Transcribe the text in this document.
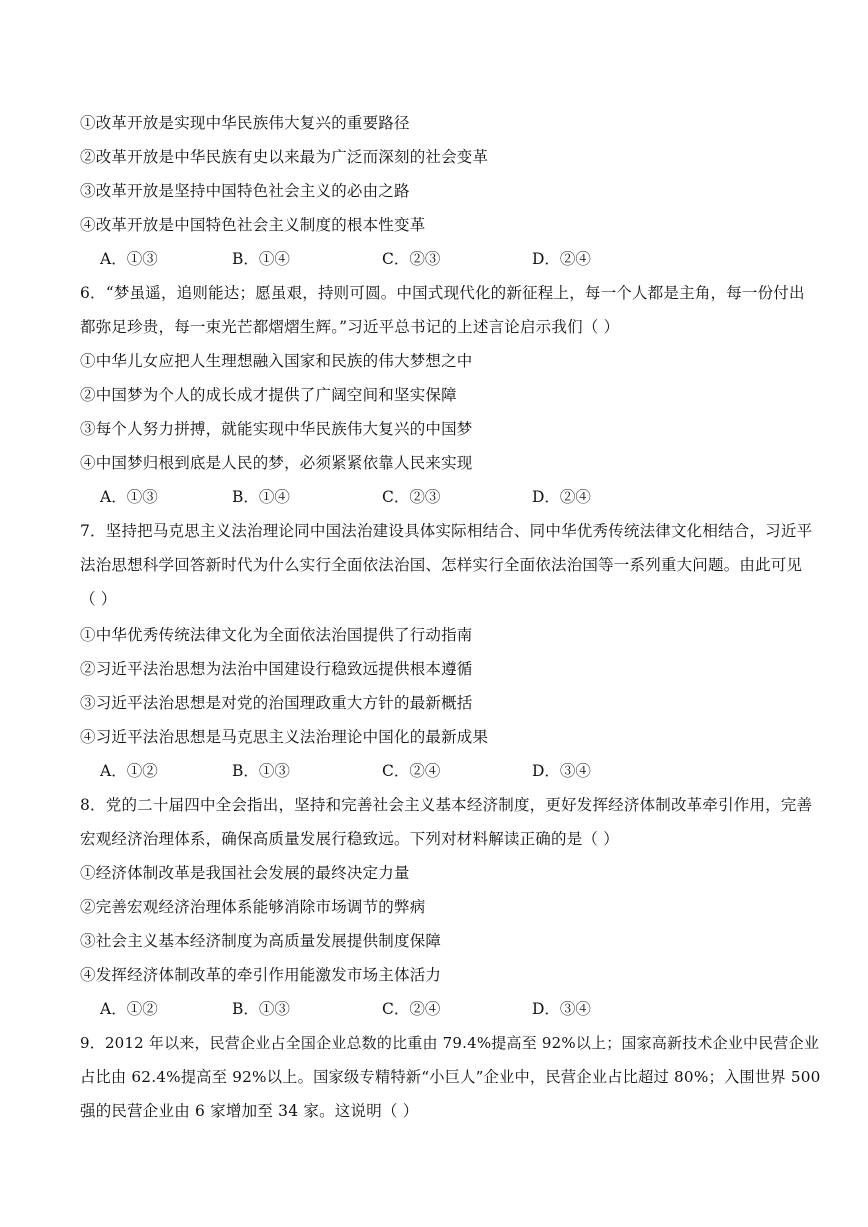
①改革开放是实现中华民族伟大复兴的重要路径
②改革开放是中华民族有史以来最为广泛而深刻的社会变革
③改革开放是坚持中国特色社会主义的必由之路
④改革开放是中国特色社会主义制度的根本性变革
A．①③	B．①④	C．②③	D．②④
6．“梦虽遥，追则能达；愿虽艰，持则可圆。中国式现代化的新征程上，每一个人都是主角，每一份付出
都弥足珍贵，每一束光芒都熠熠生辉。”习近平总书记的上述言论启示我们（ ）
①中华儿女应把人生理想融入国家和民族的伟大梦想之中
②中国梦为个人的成长成才提供了广阔空间和坚实保障
③每个人努力拼搏，就能实现中华民族伟大复兴的中国梦
④中国梦归根到底是人民的梦，必须紧紧依靠人民来实现
A．①③	B．①④	C．②③	D．②④
7．坚持把马克思主义法治理论同中国法治建设具体实际相结合、同中华优秀传统法律文化相结合，习近平
法治思想科学回答新时代为什么实行全面依法治国、怎样实行全面依法治国等一系列重大问题。由此可见
（ ）
①中华优秀传统法律文化为全面依法治国提供了行动指南
②习近平法治思想为法治中国建设行稳致远提供根本遵循
③习近平法治思想是对党的治国理政重大方针的最新概括
④习近平法治思想是马克思主义法治理论中国化的最新成果
A．①②	B．①③	C．②④	D．③④
8．党的二十届四中全会指出，坚持和完善社会主义基本经济制度，更好发挥经济体制改革牵引作用，完善
宏观经济治理体系，确保高质量发展行稳致远。下列对材料解读正确的是（ ）
①经济体制改革是我国社会发展的最终决定力量
②完善宏观经济治理体系能够消除市场调节的弊病
③社会主义基本经济制度为高质量发展提供制度保障
④发挥经济体制改革的牵引作用能激发市场主体活力
A．①②	B．①③	C．②④	D．③④
9．2012 年以来，民营企业占全国企业总数的比重由 79.4%提高至 92%以上；国家高新技术企业中民营企业
占比由 62.4%提高至 92%以上。国家级专精特新“小巨人”企业中，民营企业占比超过 80%；入围世界 500
强的民营企业由 6 家增加至 34 家。这说明（ ）
